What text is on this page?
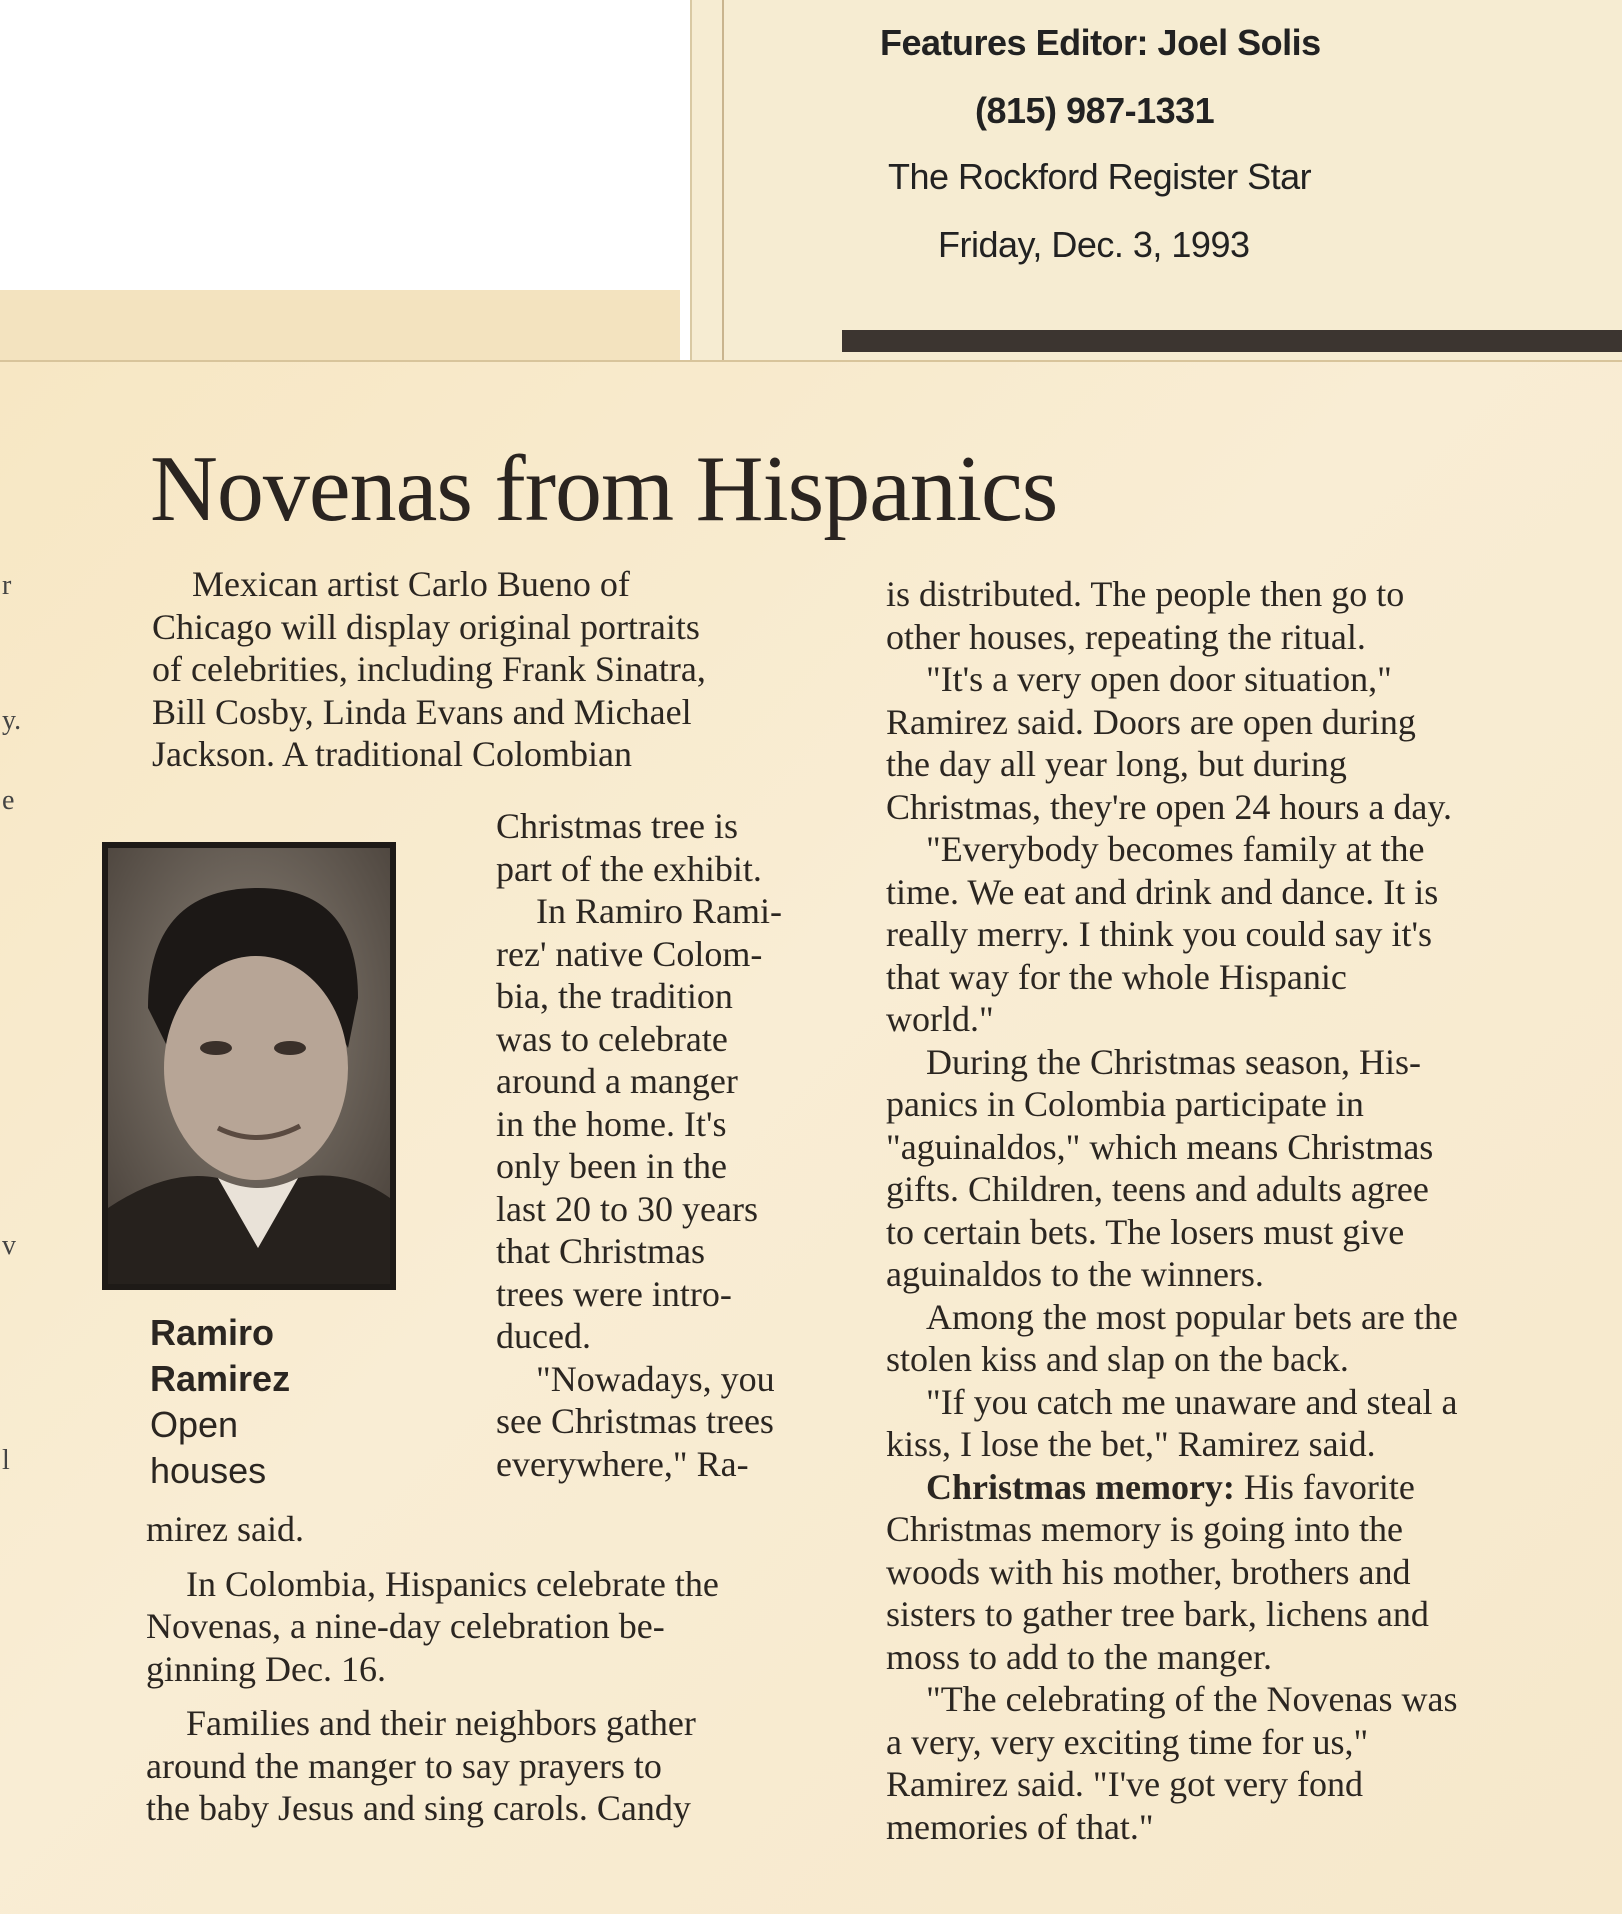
Features Editor: Joel Solis
(815) 987-1331
The Rockford Register Star
Friday, Dec. 3, 1993
r
y.
e
v
l
Novenas from Hispanics

Mexican artist Carlo Bueno of

Chicago will display original portraits

of celebrities, including Frank Sinatra,

Bill Cosby, Linda Evans and Michael

Jackson. A traditional Colombian

Ramiro
Ramirez
Open
houses

Christmas tree is

part of the exhibit.

In Ramiro Rami-

rez' native Colom-

bia, the tradition

was to celebrate

around a manger

in the home. It's

only been in the

last 20 to 30 years

that Christmas

trees were intro-

duced.

"Nowadays, you

see Christmas trees

everywhere," Ra-

mirez said.

In Colombia, Hispanics celebrate the

Novenas, a nine-day celebration be-

ginning Dec. 16.

Families and their neighbors gather

around the manger to say prayers to

the baby Jesus and sing carols. Candy

is distributed. The people then go to

other houses, repeating the ritual.

"It's a very open door situation,"

Ramirez said. Doors are open during

the day all year long, but during

Christmas, they're open 24 hours a day.

"Everybody becomes family at the

time. We eat and drink and dance. It is

really merry. I think you could say it's

that way for the whole Hispanic

world."

During the Christmas season, His-

panics in Colombia participate in

"aguinaldos," which means Christmas

gifts. Children, teens and adults agree

to certain bets. The losers must give

aguinaldos to the winners.

Among the most popular bets are the

stolen kiss and slap on the back.

"If you catch me unaware and steal a

kiss, I lose the bet," Ramirez said.

Christmas memory: His favorite

Christmas memory is going into the

woods with his mother, brothers and

sisters to gather tree bark, lichens and

moss to add to the manger.

"The celebrating of the Novenas was

a very, very exciting time for us,"

Ramirez said. "I've got very fond

memories of that."
